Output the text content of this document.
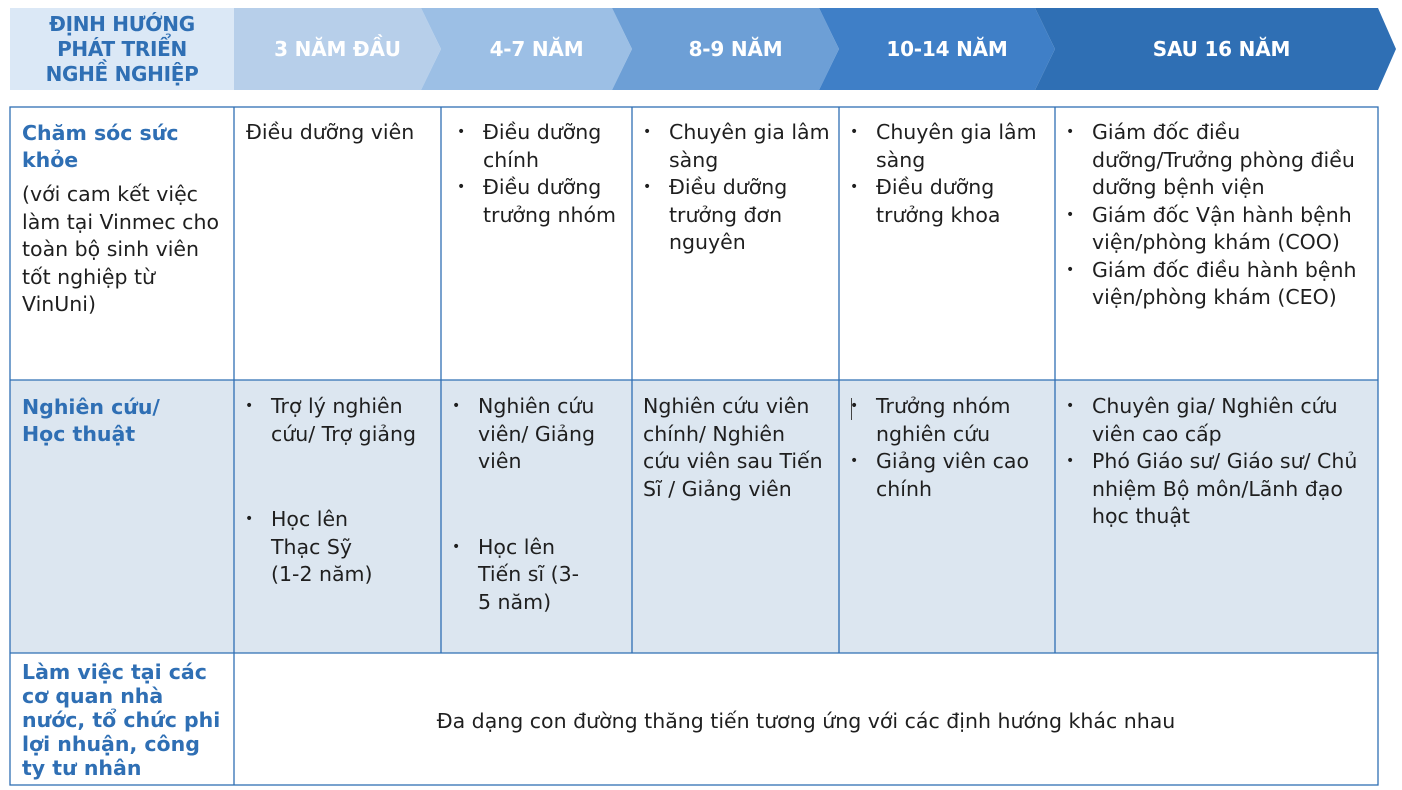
ĐỊNH HƯỚNG
PHÁT TRIỂN
NGHỀ NGHIỆP
3 NĂM ĐẦU	4-7 NĂM	8-9 NĂM	10-14 NĂM	SAU 16 NĂM
Chăm sóc sức khỏe
(với cam kết việc làm tại Vinmec cho toàn bộ sinh viên tốt nghiệp từ VinUni)
Điều dưỡng viên
•	Điều dưỡng chính
• Điều dưỡng trưởng nhóm
• Chuyên gia lâm sàng
• Điều dưỡng trưởng đơn nguyên
• Chuyên gia lâm sàng
• Điều dưỡng trưởng khoa
• Giám đốc điều dưỡng/Trưởng phòng điều dưỡng bệnh viện
• Giám đốc Vận hành bệnh viện/phòng khám (COO)
• Giám đốc điều hành bệnh viện/phòng khám (CEO)
Nghiên cứu/ Học thuật
• Trợ lý nghiên cứu/ Trợ giảng
• Học lên Thạc Sỹ (1-2 năm)
• Nghiên cứu viên/ Giảng viên
• Học lên Tiến sĩ (3-5 năm)
Nghiên cứu viên chính/ Nghiên cứu viên sau Tiến Sĩ / Giảng viên
• Trưởng nhóm nghiên cứu
• Giảng viên cao chính
• Chuyên gia/ Nghiên cứu viên cao cấp
• Phó Giáo sư/ Giáo sư/ Chủ nhiệm Bộ môn/Lãnh đạo học thuật
Làm việc tại các cơ quan nhà nước, tổ chức phi lợi nhuận, công ty tư nhân
Đa dạng con đường thăng tiến tương ứng với các định hướng khác nhau
